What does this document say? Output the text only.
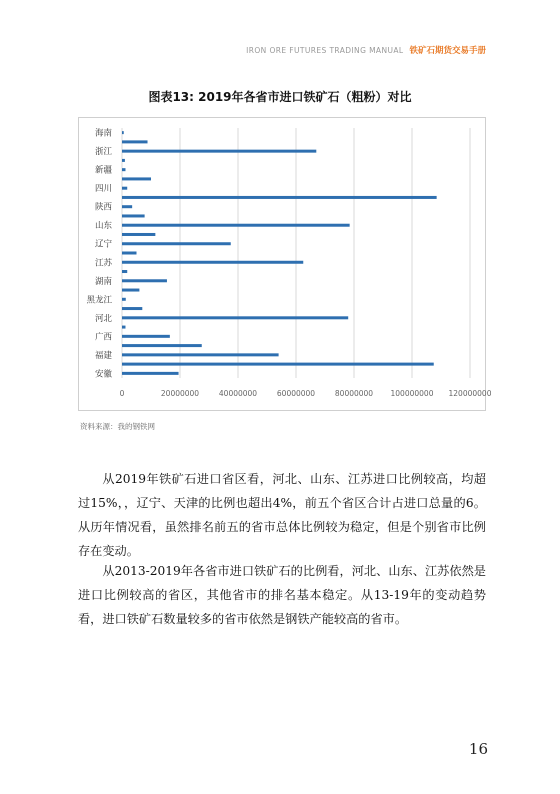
IRON ORE FUTURES TRADING MANUAL 铁矿石期货交易手册
图表13: 2019年各省市进口铁矿石（粗粉）对比
0	20000000	40000000	60000000	80000000 100000000 120000000
海南
浙江
新疆
四川
陕西
山东
辽宁
江苏
湖南
黑龙江
河北
广西
福建
安徽
资料来源：我的钢铁网

从2019年铁矿石进口省区看，河北、山东、江苏进口比例较高，均超过15%，，辽宁、天津的比例也超出4%，前五个省区合计占进口总量的6。从历年情况看，虽然排名前五的省市总体比例较为稳定，但是个别省市比例存在变动。

从2013-2019年各省市进口铁矿石的比例看，河北、山东、江苏依然是进口比例较高的省区，其他省市的排名基本稳定。从13-19年的变动趋势看，进口铁矿石数量较多的省市依然是钢铁产能较高的省市。

16
